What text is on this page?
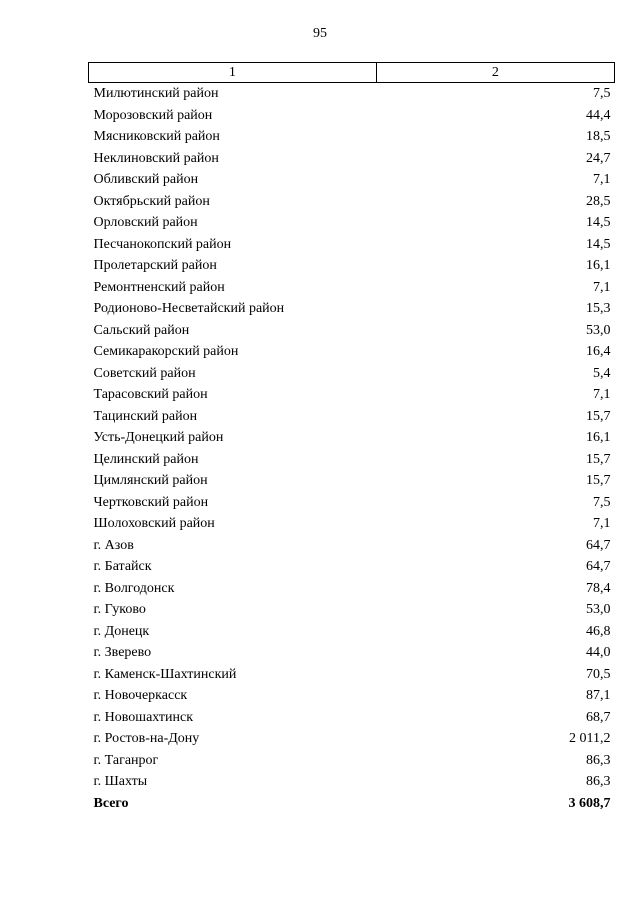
95
1	2
Милютинский район	7,5
Морозовский район	44,4
Мясниковский район	18,5
Неклиновский район	24,7
Обливский район	7,1
Октябрьский район	28,5
Орловский район	14,5
Песчанокопский район	14,5
Пролетарский район	16,1
Ремонтненский район	7,1
Родионово-Несветайский район	15,3
Сальский район	53,0
Семикаракорский район	16,4
Советский район	5,4
Тарасовский район	7,1
Тацинский район	15,7
Усть-Донецкий район	16,1
Целинский район	15,7
Цимлянский район	15,7
Чертковский район	7,5
Шолоховский район	7,1
г. Азов	64,7
г. Батайск	64,7
г. Волгодонск	78,4
г. Гуково	53,0
г. Донецк	46,8
г. Зверево	44,0
г. Каменск-Шахтинский	70,5
г. Новочеркасск	87,1
г. Новошахтинск	68,7
г. Ростов-на-Дону	2 011,2
г. Таганрог	86,3
г. Шахты	86,3
Всего	3 608,7
